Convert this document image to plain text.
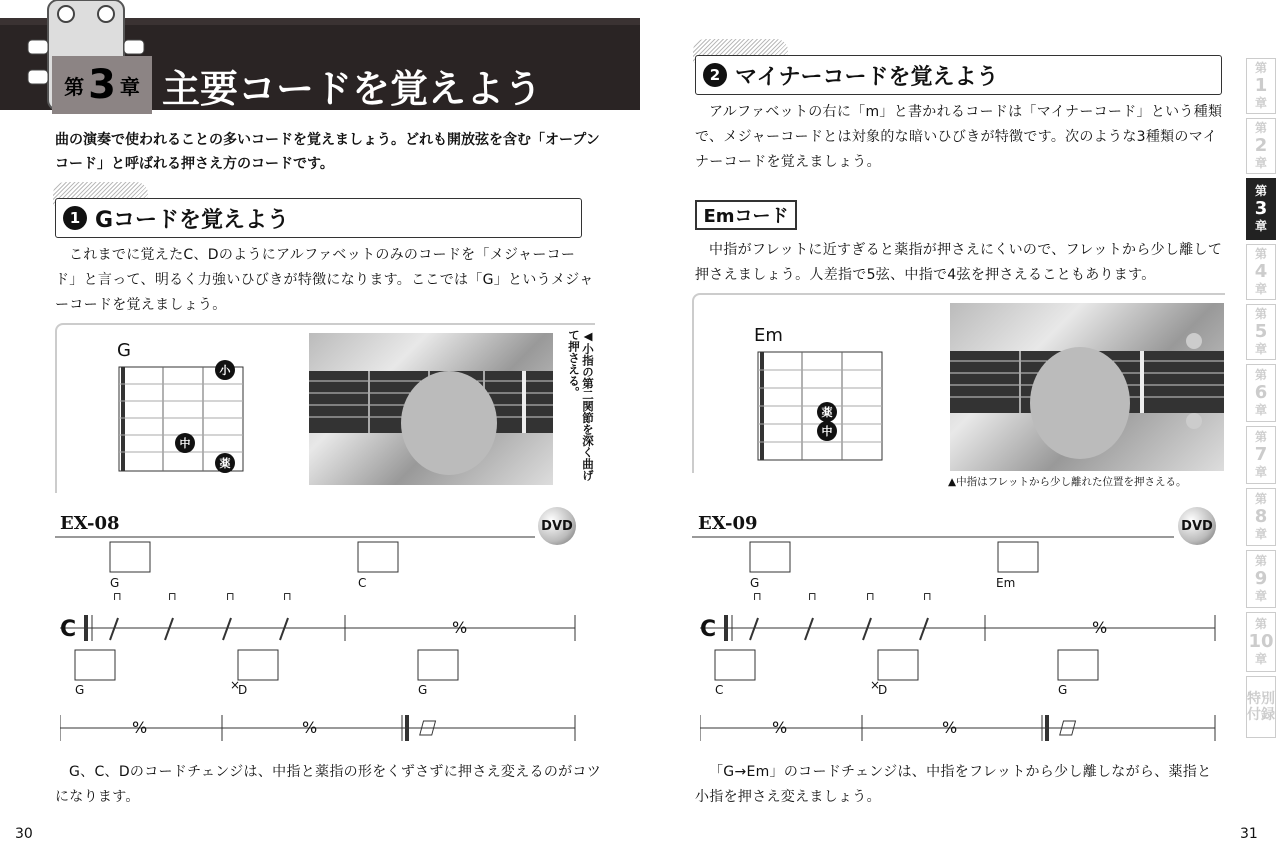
第 3 章 主要コードを覚えよう
曲の演奏で使われることの多いコードを覚えましょう。どれも開放弦を含む「オープンコード」と呼ばれる押さえ方のコードです。
1 Gコードを覚えよう
これまでに覚えたC、Dのようにアルファベットのみのコードを「メジャーコード」と言って、明るく力強いひびきが特徴になります。ここでは「G」というメジャーコードを覚えましょう。
G
小
中
薬	◀小指の第二関節を深く曲げて押さえる。
EX-08	DVD
G	C
G	×
D	G
C	%
%	%
⊓	⊓	⊓	⊓
G、C、Dのコードチェンジは、中指と薬指の形をくずさずに押さえ変えるのがコツになります。
30
2 マイナーコードを覚えよう
アルファベットの右に「m」と書かれるコードは「マイナーコード」という種類で、メジャーコードとは対象的な暗いひびきが特徴です。次のような3種類のマイナーコードを覚えましょう。
Emコード
中指がフレットに近すぎると薬指が押さえにくいので、フレットから少し離して押さえましょう。人差指で5弦、中指で4弦を押さえることもあります。
Em
薬
中
▲中指はフレットから少し離れた位置を押さえる。
EX-09	DVD
G	Em
C	×
D	G
C	%
%	%
⊓	⊓	⊓	⊓
「G→Em」のコードチェンジは、中指をフレットから少し離しながら、薬指と小指を押さえ変えましょう。
31
第
1
章
第
2
章
第
3
章
第
4
章
第
5
章
第
6
章
第
7
章
第
8
章
第
9
章
第
10
章
特別
付録
